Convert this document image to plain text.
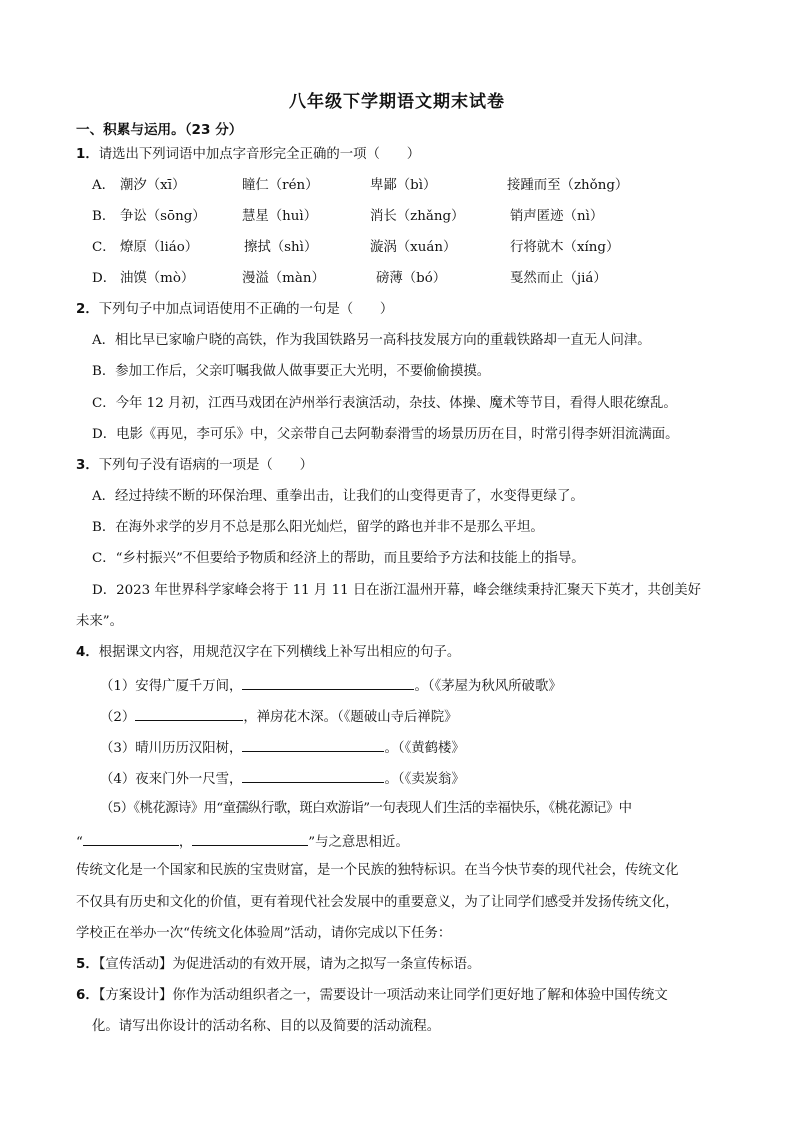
八年级下学期语文期末试卷
一、积累与运用。（23 分）
1．请选出下列词语中加点字音形完全正确的一项（　　）
A． 潮汐（xī）	瞳仁（rén）	卑鄙（bì）	接踵而至（zhǒng）
B． 争讼（sōng）	慧星（huì）	消长（zhǎng）	销声匿迹（nì）
C． 燎原（liáo）	擦拭（shì）	漩涡（xuán）	行将就木（xíng）
D． 油馍（mò）	漫溢（màn）	磅薄（bó）	戛然而止（jiá）
2．下列句子中加点词语使用不正确的一句是（　　）
A．相比早已家喻户晓的高铁，作为我国铁路另一高科技发展方向的重载铁路却一直无人问津。
B．参加工作后，父亲叮嘱我做人做事要正大光明，不要偷偷摸摸。
C．今年 12 月初，江西马戏团在泸州举行表演活动，杂技、体操、魔术等节目，看得人眼花缭乱。
D．电影《再见，李可乐》中，父亲带自己去阿勒泰滑雪的场景历历在目，时常引得李妍泪流满面。
3．下列句子没有语病的一项是（　　）
A．经过持续不断的环保治理、重拳出击，让我们的山变得更青了，水变得更绿了。
B．在海外求学的岁月不总是那么阳光灿烂，留学的路也并非不是那么平坦。
C．“乡村振兴”不但要给予物质和经济上的帮助，而且要给予方法和技能上的指导。
D．2023 年世界科学家峰会将于 11 月 11 日在浙江温州开幕，峰会继续秉持汇聚天下英才，共创美好
未来”。
4．根据课文内容，用规范汉字在下列横线上补写出相应的句子。
（1）安得广厦千万间，	。（《茅屋为秋风所破歌》
（2）	，禅房花木深。（《题破山寺后禅院》
（3）晴川历历汉阳树，	。（《黄鹤楼》
（4）夜来门外一尺雪，	。（《卖炭翁》
（5）《桃花源诗》用“童孺纵行歌，斑白欢游诣”一句表现人们生活的幸福快乐，《桃花源记》中
“	，	”与之意思相近。
传统文化是一个国家和民族的宝贵财富，是一个民族的独特标识。在当今快节奏的现代社会，传统文化
不仅具有历史和文化的价值，更有着现代社会发展中的重要意义，为了让同学们感受并发扬传统文化，
学校正在举办一次“传统文化体验周”活动，请你完成以下任务：
5．【宣传活动】为促进活动的有效开展，请为之拟写一条宣传标语。
6．【方案设计】你作为活动组织者之一，需要设计一项活动来让同学们更好地了解和体验中国传统文
化。请写出你设计的活动名称、目的以及简要的活动流程。
